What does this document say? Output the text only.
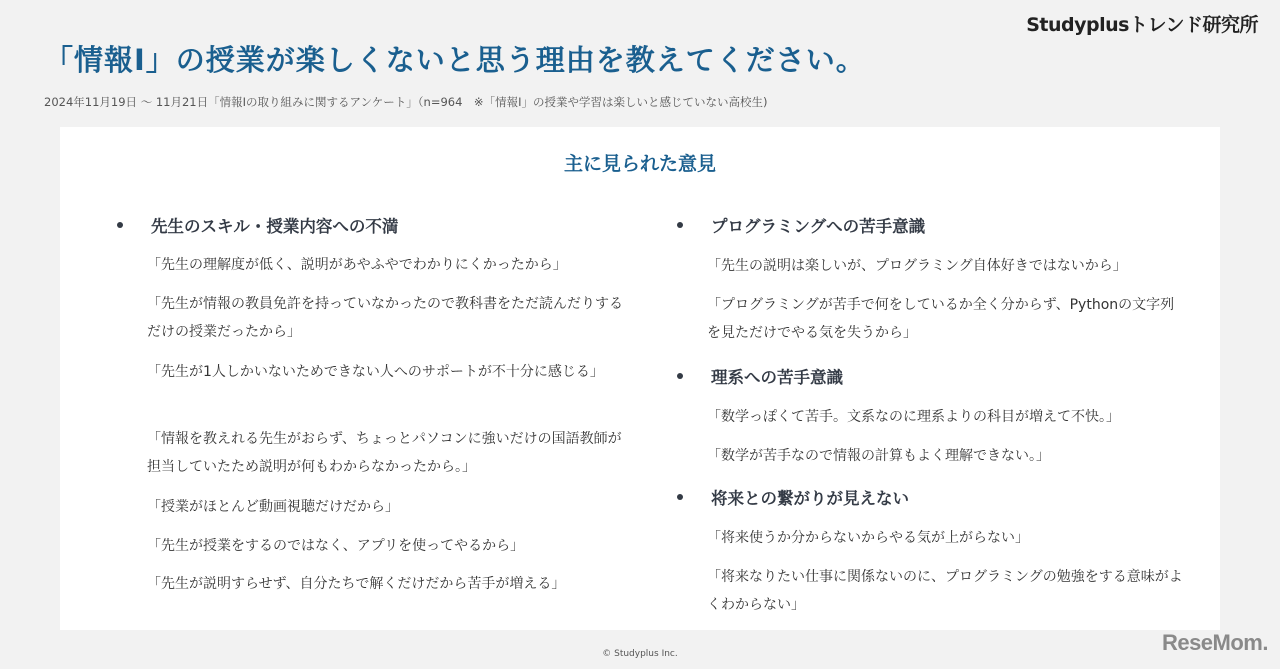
Studyplusトレンド研究所
「情報Ⅰ」の授業が楽しくないと思う理由を教えてください。
2024年11月19日 〜 11月21日「情報Ⅰの取り組みに関するアンケート」（n=964　※「情報Ⅰ」の授業や学習は楽しいと感じていない高校生)
主に見られた意見
先生のスキル・授業内容への不満
「先生の理解度が低く、説明があやふやでわかりにくかったから」
「先生が情報の教員免許を持っていなかったので教科書をただ読んだりするだけの授業だったから」
「先生が1人しかいないためできない人へのサポートが不十分に感じる」
「情報を教えれる先生がおらず、ちょっとパソコンに強いだけの国語教師が担当していたため説明が何もわからなかったから。」
「授業がほとんど動画視聴だけだから」
「先生が授業をするのではなく、アプリを使ってやるから」
「先生が説明すらせず、自分たちで解くだけだから苦手が増える」
プログラミングへの苦手意識
「先生の説明は楽しいが、プログラミング自体好きではないから」
「プログラミングが苦手で何をしているか全く分からず、Pythonの文字列を見ただけでやる気を失うから」
理系への苦手意識
「数学っぽくて苦手。文系なのに理系よりの科目が増えて不快。」
「数学が苦手なので情報の計算もよく理解できない。」
将来との繋がりが見えない
「将来使うか分からないからやる気が上がらない」
「将来なりたい仕事に関係ないのに、プログラミングの勉強をする意味がよくわからない」
© Studyplus Inc.	ReseMom.
